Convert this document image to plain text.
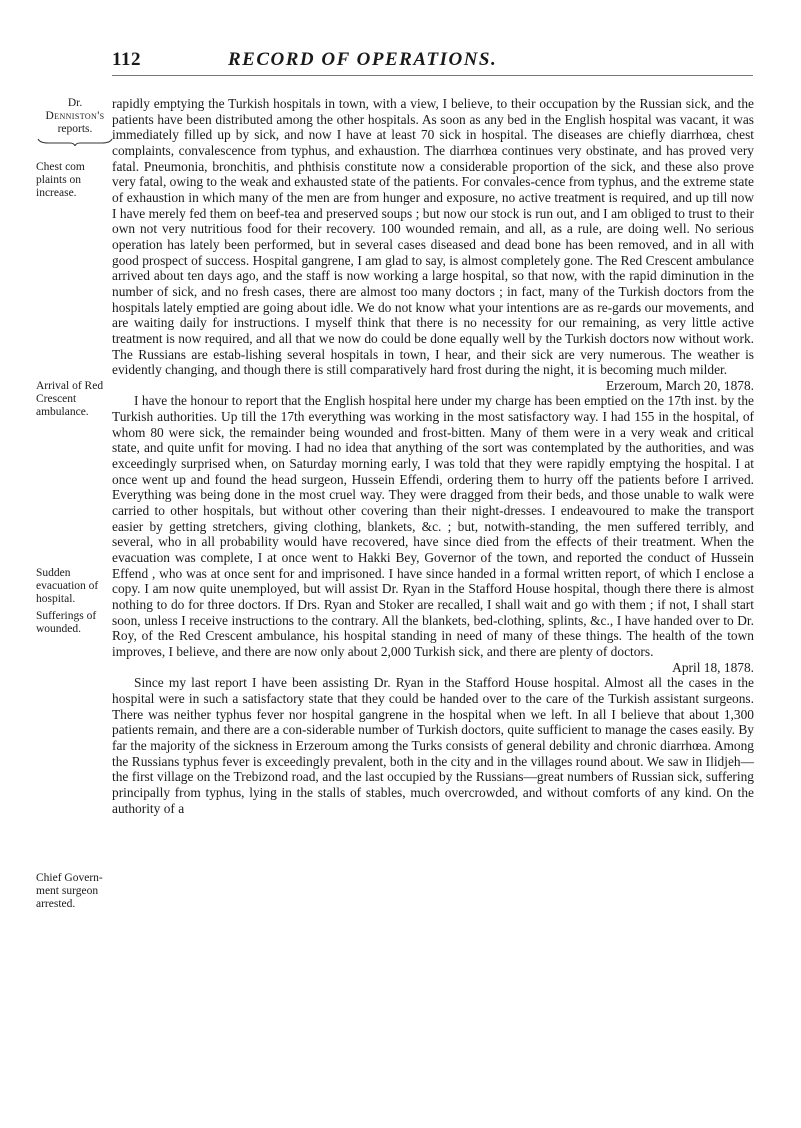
112	RECORD OF OPERATIONS.
Dr.
Denniston's
reports.
Chest com plaints on increase.
Arrival of Red Crescent ambulance.
Sudden evacuation of hospital.
Sufferings of wounded.
Chief Govern-ment surgeon arrested.

rapidly emptying the Turkish hospitals in town, with a view, I believe, to their occupation by the Russian sick, and the patients have been distributed among the other hospitals. As soon as any bed in the English hospital was vacant, it was immediately filled up by sick, and now I have at least 70 sick in hospital. The diseases are chiefly diarrhœa, chest complaints, convalescence from typhus, and exhaustion. The diarrhœa continues very obstinate, and has proved very fatal. Pneumonia, bronchitis, and phthisis constitute now a considerable proportion of the sick, and these also prove very fatal, owing to the weak and exhausted state of the patients. For convales-cence from typhus, and the extreme state of exhaustion in which many of the men are from hunger and exposure, no active treatment is required, and up till now I have merely fed them on beef-tea and preserved soups ; but now our stock is run out, and I am obliged to trust to their own not very nutritious food for their recovery. 100 wounded remain, and all, as a rule, are doing well. No serious operation has lately been performed, but in several cases diseased and dead bone has been removed, and in all with good prospect of success. Hospital gangrene, I am glad to say, is almost completely gone. The Red Crescent ambulance arrived about ten days ago, and the staff is now working a large hospital, so that now, with the rapid diminution in the number of sick, and no fresh cases, there are almost too many doctors ; in fact, many of the Turkish doctors from the hospitals lately emptied are going about idle. We do not know what your intentions are as re-gards our movements, and are waiting daily for instructions. I myself think that there is no necessity for our remaining, as very little active treatment is now required, and all that we now do could be done equally well by the Turkish doctors now without work. The Russians are estab-lishing several hospitals in town, I hear, and their sick are very numerous. The weather is evidently changing, and though there is still comparatively hard frost during the night, it is becoming much milder.

Erzeroum, March 20, 1878.

I have the honour to report that the English hospital here under my charge has been emptied on the 17th inst. by the Turkish authorities. Up till the 17th everything was working in the most satisfactory way. I had 155 in the hospital, of whom 80 were sick, the remainder being wounded and frost-bitten. Many of them were in a very weak and critical state, and quite unfit for moving. I had no idea that anything of the sort was contemplated by the authorities, and was exceedingly surprised when, on Saturday morning early, I was told that they were rapidly emptying the hospital. I at once went up and found the head surgeon, Hussein Effendi, ordering them to hurry off the patients before I arrived. Everything was being done in the most cruel way. They were dragged from their beds, and those unable to walk were carried to other hospitals, but without other covering than their night-dresses. I endeavoured to make the transport easier by getting stretchers, giving clothing, blankets, &c. ; but, notwith-standing, the men suffered terribly, and several, who in all probability would have recovered, have since died from the effects of their treatment. When the evacuation was complete, I at once went to Hakki Bey, Governor of the town, and reported the conduct of Hussein Effend , who was at once sent for and imprisoned. I have since handed in a formal written report, of which I enclose a copy. I am now quite unemployed, but will assist Dr. Ryan in the Stafford House hospital, though there there is almost nothing to do for three doctors. If Drs. Ryan and Stoker are recalled, I shall wait and go with them ; if not, I shall start soon, unless I receive instructions to the contrary. All the blankets, bed-clothing, splints, &c., I have handed over to Dr. Roy, of the Red Crescent ambulance, his hospital standing in need of many of these things. The health of the town improves, I believe, and there are now only about 2,000 Turkish sick, and there are plenty of doctors.

April 18, 1878.

Since my last report I have been assisting Dr. Ryan in the Stafford House hospital. Almost all the cases in the hospital were in such a satisfactory state that they could be handed over to the care of the Turkish assistant surgeons. There was neither typhus fever nor hospital gangrene in the hospital when we left. In all I believe that about 1,300 patients remain, and there are a con-siderable number of Turkish doctors, quite sufficient to manage the cases easily. By far the majority of the sickness in Erzeroum among the Turks consists of general debility and chronic diarrhœa. Among the Russians typhus fever is exceedingly prevalent, both in the city and in the villages round about. We saw in Ilidjeh—the first village on the Trebizond road, and the last occupied by the Russians—great numbers of Russian sick, suffering principally from typhus, lying in the stalls of stables, much overcrowded, and without comforts of any kind. On the authority of a
